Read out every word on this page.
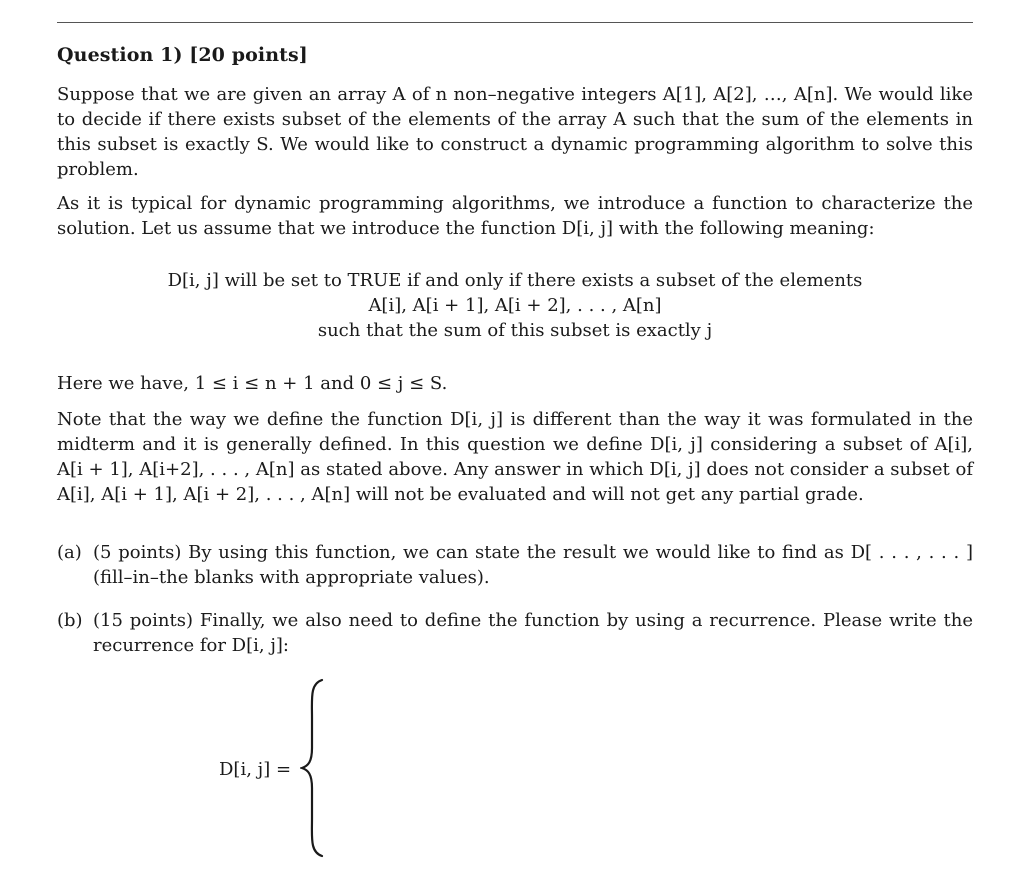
Question 1) [20 points]
Suppose that we are given an array A of n non–negative integers A[1], A[2], …, A[n]. We would like to decide if there exists subset of the elements of the array A such that the sum of the elements in this subset is exactly S. We would like to construct a dynamic programming algorithm to solve this problem.
As it is typical for dynamic programming algorithms, we introduce a function to characterize the solution. Let us assume that we introduce the function D[i, j] with the following meaning:
D[i, j] will be set to TRUE if and only if there exists a subset of the elements
A[i], A[i + 1], A[i + 2], . . . , A[n]
such that the sum of this subset is exactly j
Here we have, 1 ≤ i ≤ n + 1 and 0 ≤ j ≤ S.
Note that the way we define the function D[i, j] is different than the way it was formulated in the midterm and it is generally defined. In this question we define D[i, j] considering a subset of A[i], A[i + 1], A[i+2], . . . , A[n] as stated above. Any answer in which D[i, j] does not consider a subset of A[i], A[i + 1], A[i + 2], . . . , A[n] will not be evaluated and will not get any partial grade.
(a) (5 points) By using this function, we can state the result we would like to find as D[ . . . , . . . ] (fill–in–the blanks with appropriate values).
(b) (15 points) Finally, we also need to define the function by using a recurrence. Please write the recurrence for D[i, j]:
D[i, j] =
